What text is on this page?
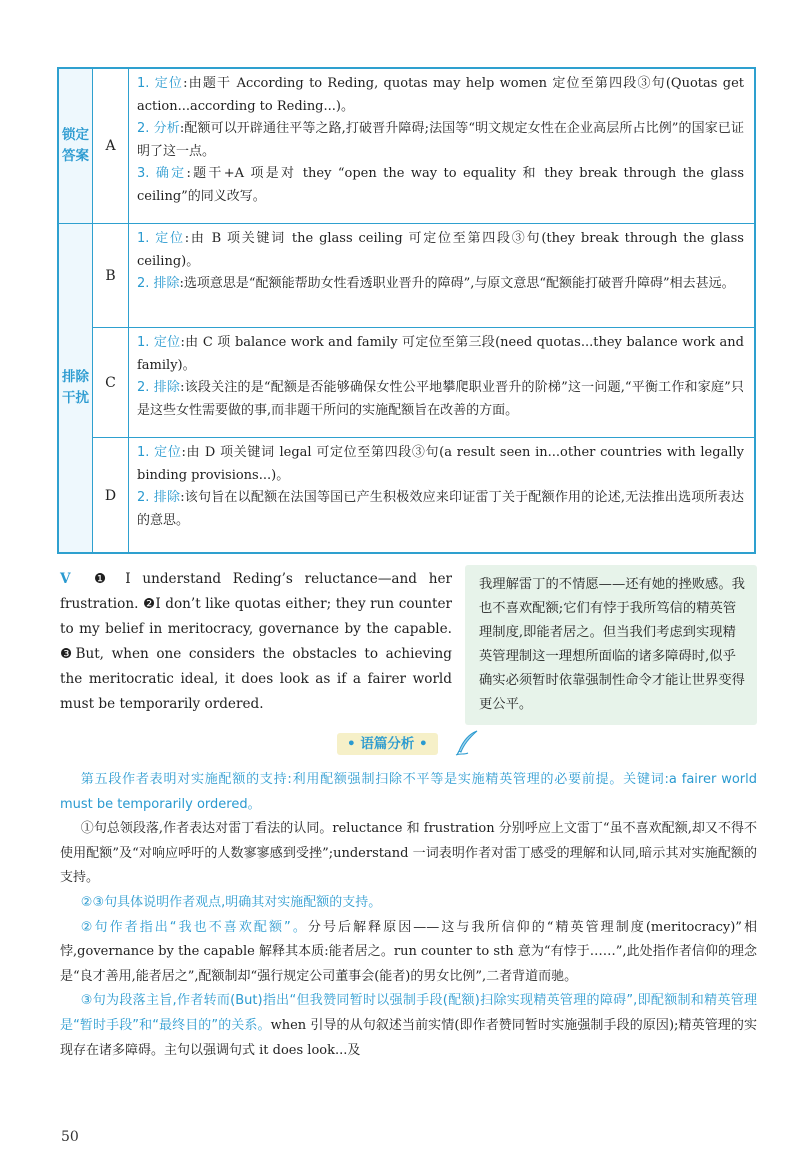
锁定答案
A

1. 定位:由题干 According to Reding, quotas may help women 定位至第四段③句(Quotas get action...according to Reding...)。

2. 分析:配额可以开辟通往平等之路,打破晋升障碍;法国等“明文规定女性在企业高层所占比例”的国家已证明了这一点。

3. 确定:题干+A 项是对 they “open the way to equality 和 they break through the glass ceiling”的同义改写。

排除干扰
B

1. 定位:由 B 项关键词 the glass ceiling 可定位至第四段③句(they break through the glass ceiling)。

2. 排除:选项意思是“配额能帮助女性看透职业晋升的障碍”,与原文意思“配额能打破晋升障碍”相去甚远。

C

1. 定位:由 C 项 balance work and family 可定位至第三段(need quotas...they balance work and family)。

2. 排除:该段关注的是“配额是否能够确保女性公平地攀爬职业晋升的阶梯”这一问题,“平衡工作和家庭”只是这些女性需要做的事,而非题干所问的实施配额旨在改善的方面。

D

1. 定位:由 D 项关键词 legal 可定位至第四段③句(a result seen in...other countries with legally binding provisions...)。

2. 排除:该句旨在以配额在法国等国已产生积极效应来印证雷丁关于配额作用的论述,无法推出选项所表达的意思。

V ❶ I understand Reding’s reluctance—and her frustration. ❷I don’t like quotas either; they run counter to my belief in meritocracy, governance by the capable. ❸But, when one considers the obstacles to achieving the meritocratic ideal, it does look as if a fairer world must be temporarily ordered.

我理解雷丁的不情愿——还有她的挫败感。我也不喜欢配额;它们有悖于我所笃信的精英管理制度,即能者居之。但当我们考虑到实现精英管理制这一理想所面临的诸多障碍时,似乎确实必须暂时依靠强制性命令才能让世界变得更公平。

• 语篇分析 •

第五段作者表明对实施配额的支持:利用配额强制扫除不平等是实施精英管理的必要前提。关键词:a fairer world must be temporarily ordered。

①句总领段落,作者表达对雷丁看法的认同。reluctance 和 frustration 分别呼应上文雷丁“虽不喜欢配额,却又不得不使用配额”及“对响应呼吁的人数寥寥感到受挫”;understand 一词表明作者对雷丁感受的理解和认同,暗示其对实施配额的支持。

②③句具体说明作者观点,明确其对实施配额的支持。

②句作者指出“我也不喜欢配额”。分号后解释原因——这与我所信仰的“精英管理制度(meritocracy)”相悖,governance by the capable 解释其本质:能者居之。run counter to sth 意为“有悖于……”,此处指作者信仰的理念是“良才善用,能者居之”,配额制却“强行规定公司董事会(能者)的男女比例”,二者背道而驰。

③句为段落主旨,作者转而(But)指出“但我赞同暂时以强制手段(配额)扫除实现精英管理的障碍”,即配额制和精英管理是“暂时手段”和“最终目的”的关系。when 引导的从句叙述当前实情(即作者赞同暂时实施强制手段的原因);精英管理的实现存在诸多障碍。主句以强调句式 it does look...及

50
